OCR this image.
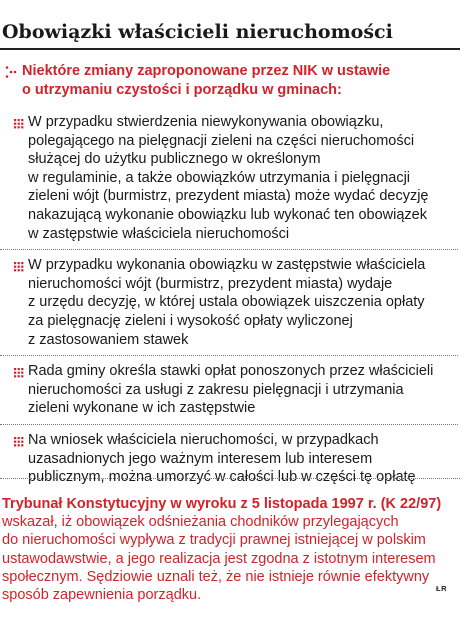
Obowiązki właścicieli nieruchomości
Niektóre zmiany zaproponowane przez NIK w ustawie
o utrzymaniu czystości i porządku w gminach:
W przypadku stwierdzenia niewykonywania obowiązku,
polegającego na pielęgnacji zieleni na części nieruchomości
służącej do użytku publicznego w określonym
w regulaminie, a także obowiązków utrzymania i pielęgnacji
zieleni wójt (burmistrz, prezydent miasta) może wydać decyzję
nakazującą wykonanie obowiązku lub wykonać ten obowiązek
w zastępstwie właściciela nieruchomości
W przypadku wykonania obowiązku w zastępstwie właściciela
nieruchomości wójt (burmistrz, prezydent miasta) wydaje
z urzędu decyzję, w której ustala obowiązek uiszczenia opłaty
za pielęgnację zieleni i wysokość opłaty wyliczonej
z zastosowaniem stawek
Rada gminy określa stawki opłat ponoszonych przez właścicieli
nieruchomości za usługi z zakresu pielęgnacji i utrzymania
zieleni wykonane w ich zastępstwie
Na wniosek właściciela nieruchomości, w przypadkach
uzasadnionych jego ważnym interesem lub interesem
publicznym, można umorzyć w całości lub w części tę opłatę
Trybunał Konstytucyjny w wyroku z 5 listopada 1997 r. (K 22/97)
wskazał, iż obowiązek odśnieżania chodników przylegających
do nieruchomości wypływa z tradycji prawnej istniejącej w polskim
ustawodawstwie, a jego realizacja jest zgodna z istotnym interesem
społecznym. Sędziowie uznali też, że nie istnieje równie efektywny
sposób zapewnienia porządku.	ŁR
